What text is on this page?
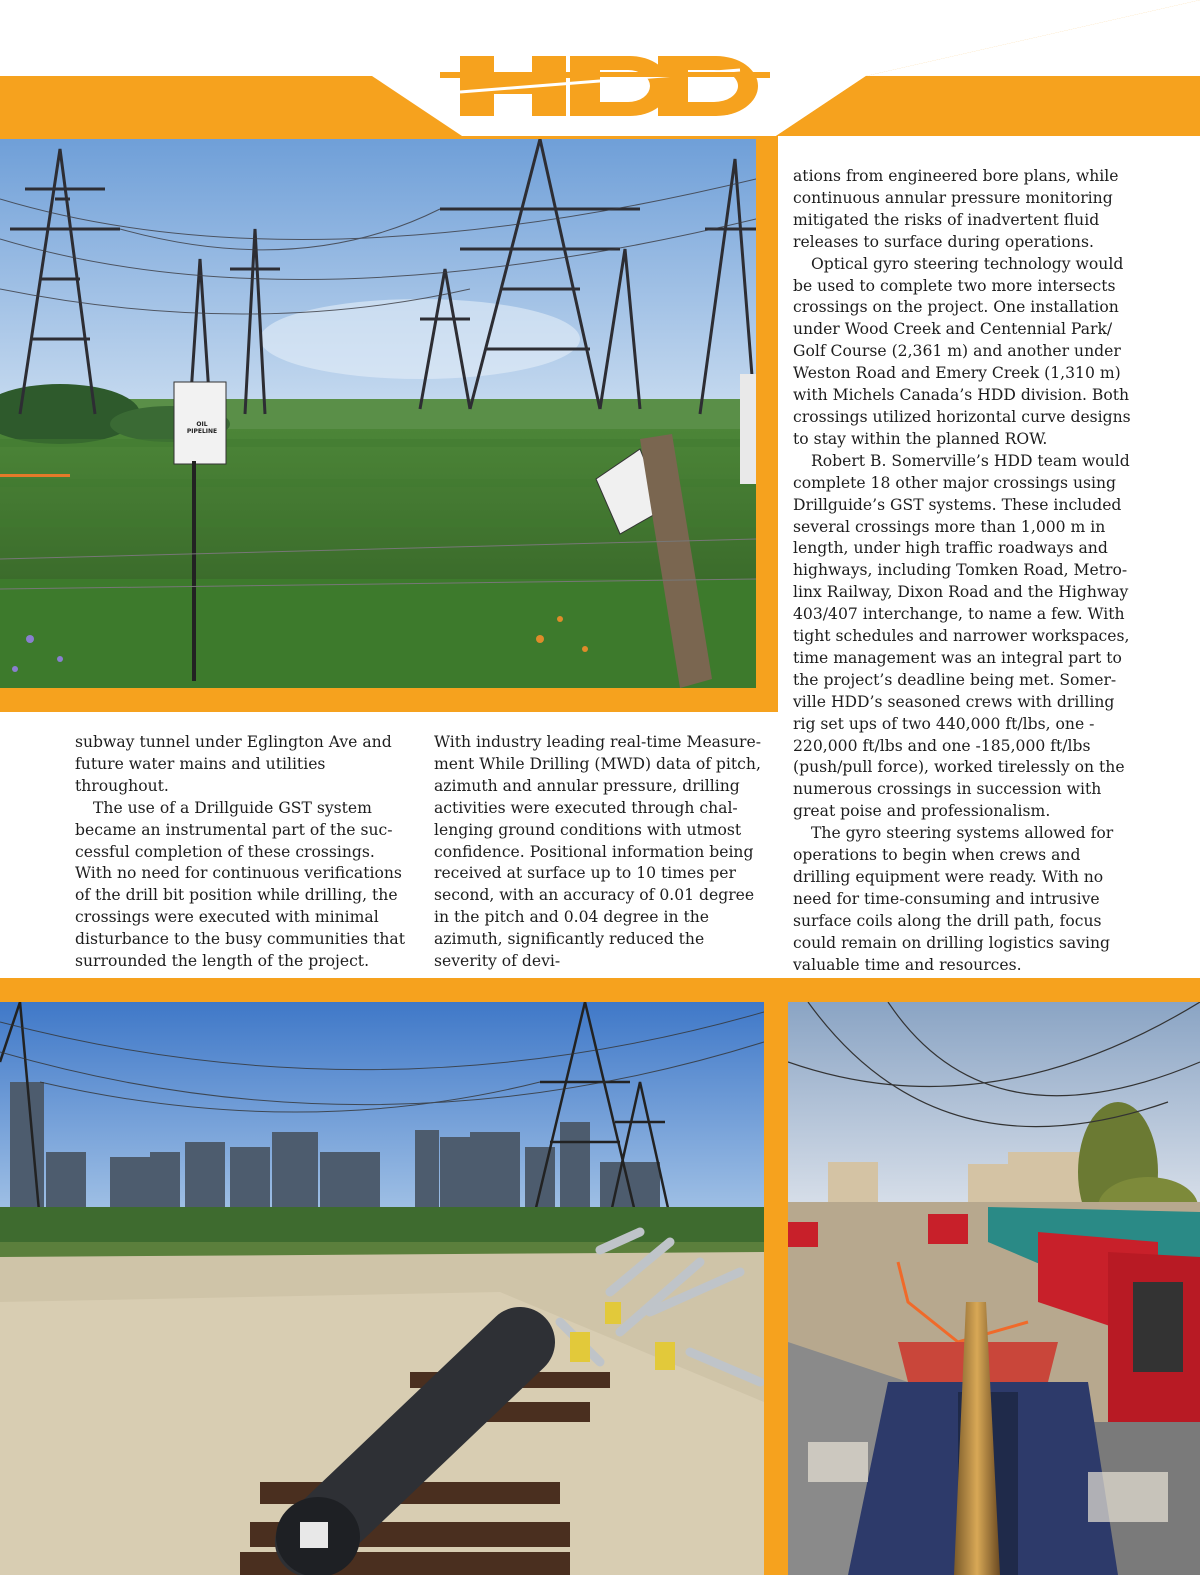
OIL PIPELINE

subway tunnel under Eglington Ave and future water mains and utilities throughout.

The use of a Drillguide GST system became an instrumental part of the suc-cessful completion of these crossings. With no need for continuous verifications of the drill bit position while drilling, the crossings were executed with minimal disturbance to the busy communities that surrounded the length of the project.

With industry leading real-time Measure-ment While Drilling (MWD) data of pitch, azimuth and annular pressure, drilling activities were executed through chal-lenging ground conditions with utmost confidence. Positional information being received at surface up to 10 times per second, with an accuracy of 0.01 degree in the pitch and 0.04 degree in the azimuth, significantly reduced the severity of devi-

ations from engineered bore plans, while continuous annular pressure monitoring mitigated the risks of inadvertent fluid releases to surface during operations.

Optical gyro steering technology would be used to complete two more intersects crossings on the project. One installation under Wood Creek and Centennial Park/ Golf Course (2,361 m) and another under Weston Road and Emery Creek (1,310 m) with Michels Canada’s HDD division. Both crossings utilized horizontal curve designs to stay within the planned ROW.

Robert B. Somerville’s HDD team would complete 18 other major crossings using Drillguide’s GST systems. These included several crossings more than 1,000 m in length, under high traffic roadways and highways, including Tomken Road, Metro-linx Railway, Dixon Road and the Highway 403/407 interchange, to name a few. With tight schedules and narrower workspaces, time management was an integral part to the project’s deadline being met. Somer-ville HDD’s seasoned crews with drilling rig set ups of two 440,000 ft/lbs, one - 220,000 ft/lbs and one -185,000 ft/lbs (push/pull force), worked tirelessly on the numerous crossings in succession with great poise and professionalism.

The gyro steering systems allowed for operations to begin when crews and drilling equipment were ready. With no need for time-consuming and intrusive surface coils along the drill path, focus could remain on drilling logistics saving valuable time and resources.
